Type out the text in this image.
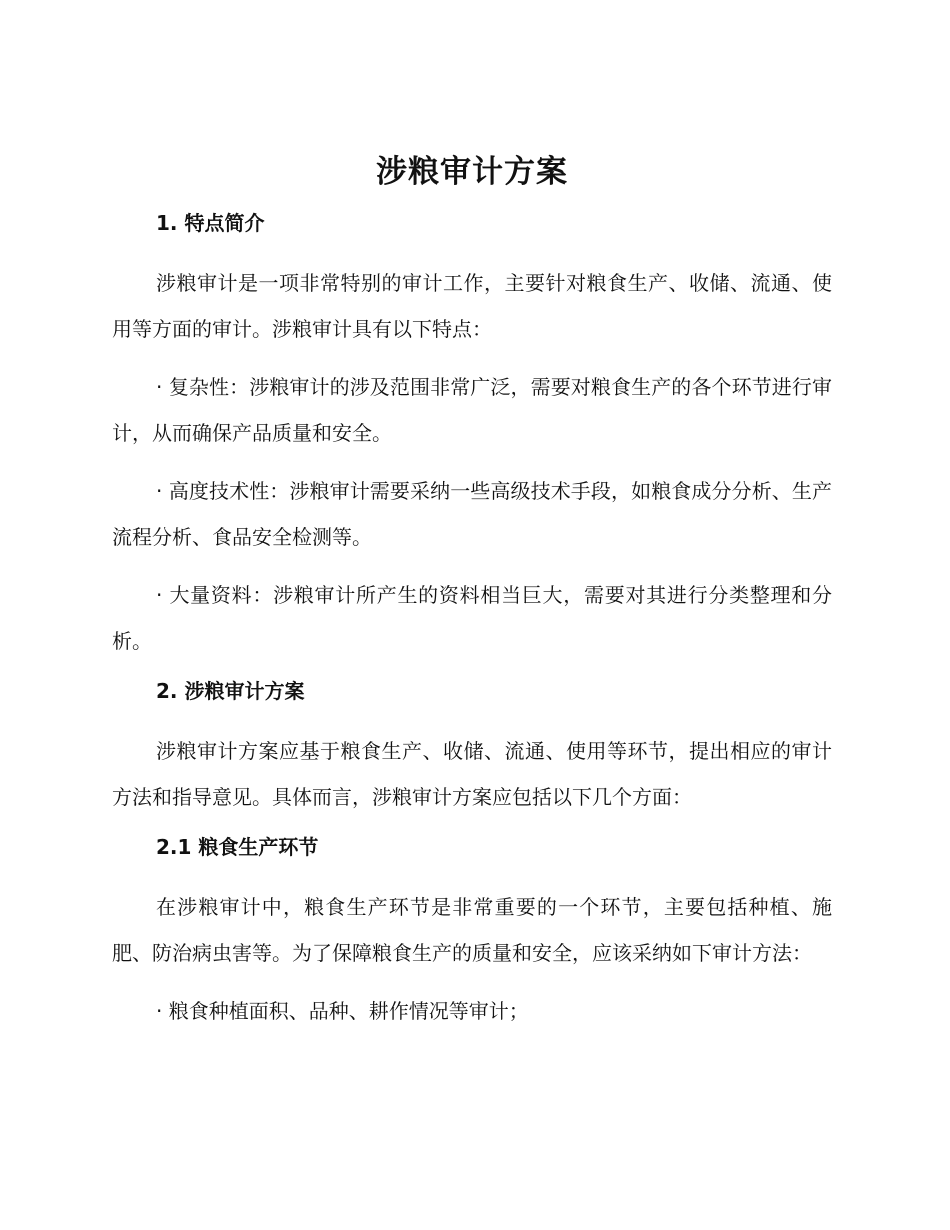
涉粮审计方案
1. 特点简介

涉粮审计是一项非常特别的审计工作，主要针对粮食生产、收储、流通、使用等方面的审计。涉粮审计具有以下特点：

· 复杂性：涉粮审计的涉及范围非常广泛，需要对粮食生产的各个环节进行审计，从而确保产品质量和安全。

· 高度技术性：涉粮审计需要采纳一些高级技术手段，如粮食成分分析、生产流程分析、食品安全检测等。

· 大量资料：涉粮审计所产生的资料相当巨大，需要对其进行分类整理和分析。

2. 涉粮审计方案

涉粮审计方案应基于粮食生产、收储、流通、使用等环节，提出相应的审计方法和指导意见。具体而言，涉粮审计方案应包括以下几个方面：

2.1 粮食生产环节

在涉粮审计中，粮食生产环节是非常重要的一个环节，主要包括种植、施肥、防治病虫害等。为了保障粮食生产的质量和安全，应该采纳如下审计方法：

· 粮食种植面积、品种、耕作情况等审计；
